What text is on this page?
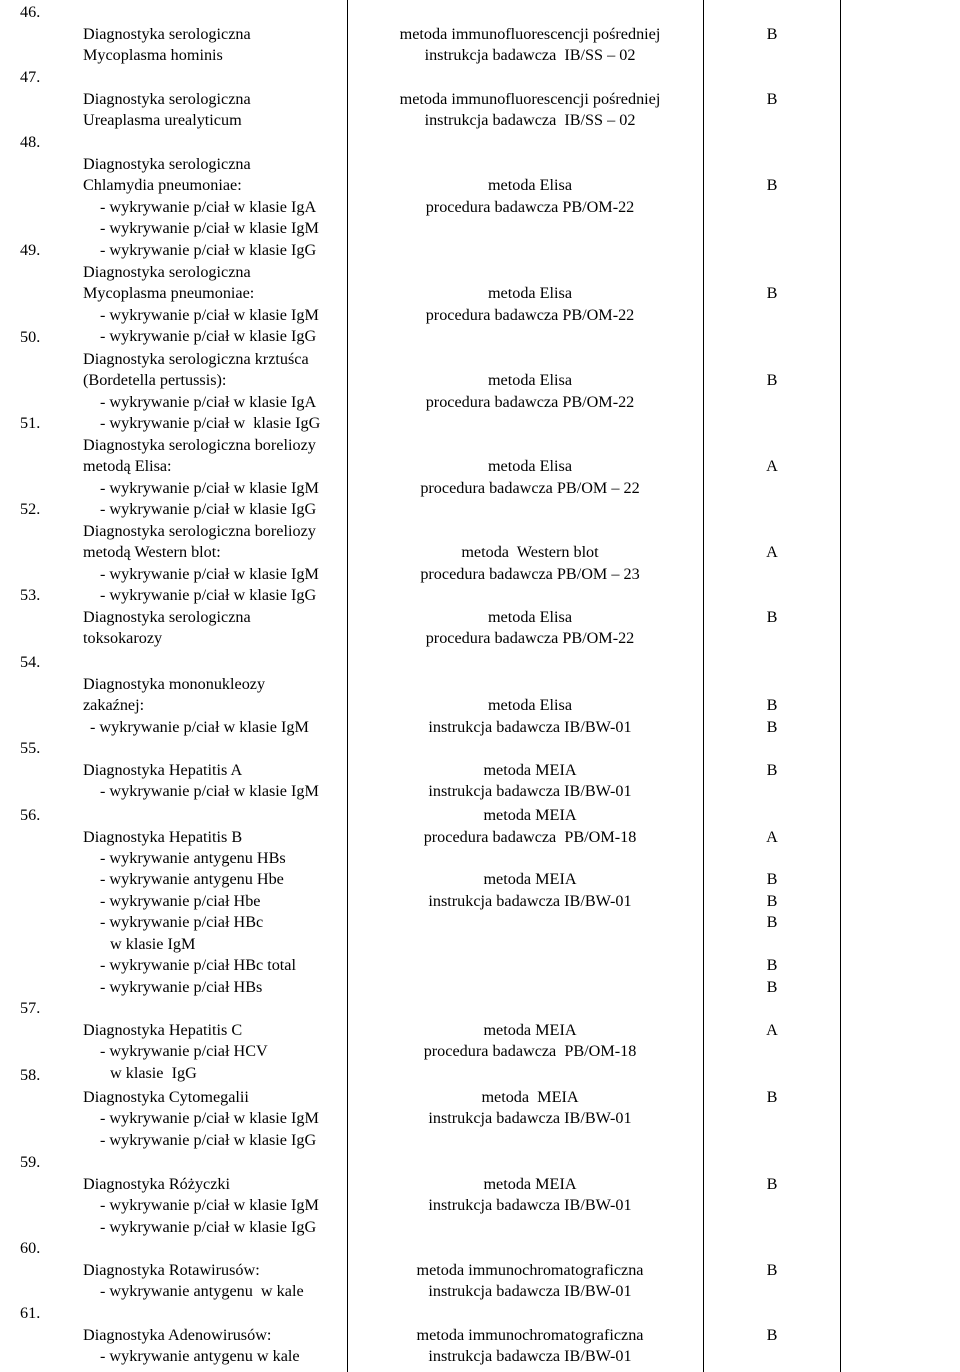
46.
Diagnostyka serologiczna
Mycoplasma hominis
metoda immunofluorescencji pośredniej
instrukcja badawcza  IB/SS – 02
B
47.
Diagnostyka serologiczna
Ureaplasma urealyticum
metoda immunofluorescencji pośredniej
instrukcja badawcza  IB/SS – 02
B
48.
Diagnostyka serologiczna
Chlamydia pneumoniae:
- wykrywanie p/ciał w klasie IgA
- wykrywanie p/ciał w klasie IgM
- wykrywanie p/ciał w klasie IgG
metoda Elisa
procedura badawcza PB/OM-22
B
49.
Diagnostyka serologiczna
Mycoplasma pneumoniae:
- wykrywanie p/ciał w klasie IgM
- wykrywanie p/ciał w klasie IgG
metoda Elisa
procedura badawcza PB/OM-22
B
50.
Diagnostyka serologiczna krztuśca
(Bordetella pertussis):
- wykrywanie p/ciał w klasie IgA
- wykrywanie p/ciał w  klasie IgG
metoda Elisa
procedura badawcza PB/OM-22
B
51.
Diagnostyka serologiczna boreliozy
metodą Elisa:
- wykrywanie p/ciał w klasie IgM
- wykrywanie p/ciał w klasie IgG
metoda Elisa
procedura badawcza PB/OM – 22
A
52.
Diagnostyka serologiczna boreliozy
metodą Western blot:
- wykrywanie p/ciał w klasie IgM
- wykrywanie p/ciał w klasie IgG
metoda  Western blot
procedura badawcza PB/OM – 23
A
53.
Diagnostyka serologiczna
toksokarozy
metoda Elisa
procedura badawcza PB/OM-22
B
54.
Diagnostyka mononukleozy
zakaźnej:
- wykrywanie p/ciał w klasie IgM
metoda Elisa
instrukcja badawcza IB/BW-01
B
B
55.
Diagnostyka Hepatitis A
- wykrywanie p/ciał w klasie IgM
metoda MEIA
instrukcja badawcza IB/BW-01
B
56.
Diagnostyka Hepatitis B
- wykrywanie antygenu HBs
metoda MEIA
procedura badawcza  PB/OM-18	A
- wykrywanie antygenu Hbe
- wykrywanie p/ciał Hbe
- wykrywanie p/ciał HBc
w klasie IgM
- wykrywanie p/ciał HBc total
- wykrywanie p/ciał HBs
metoda MEIA
instrukcja badawcza IB/BW-01
B
B
B
B
B
57.
Diagnostyka Hepatitis C
- wykrywanie p/ciał HCV
w klasie  IgG
metoda MEIA
procedura badawcza  PB/OM-18
A
58.
Diagnostyka Cytomegalii
- wykrywanie p/ciał w klasie IgM
- wykrywanie p/ciał w klasie IgG
metoda  MEIA
instrukcja badawcza IB/BW-01
B
59.
Diagnostyka Różyczki
- wykrywanie p/ciał w klasie IgM
- wykrywanie p/ciał w klasie IgG
metoda MEIA
instrukcja badawcza IB/BW-01
B
60.
Diagnostyka Rotawirusów:
- wykrywanie antygenu  w kale
metoda immunochromatograficzna
instrukcja badawcza IB/BW-01
B
61.
Diagnostyka Adenowirusów:
- wykrywanie antygenu w kale
metoda immunochromatograficzna
instrukcja badawcza IB/BW-01
B
